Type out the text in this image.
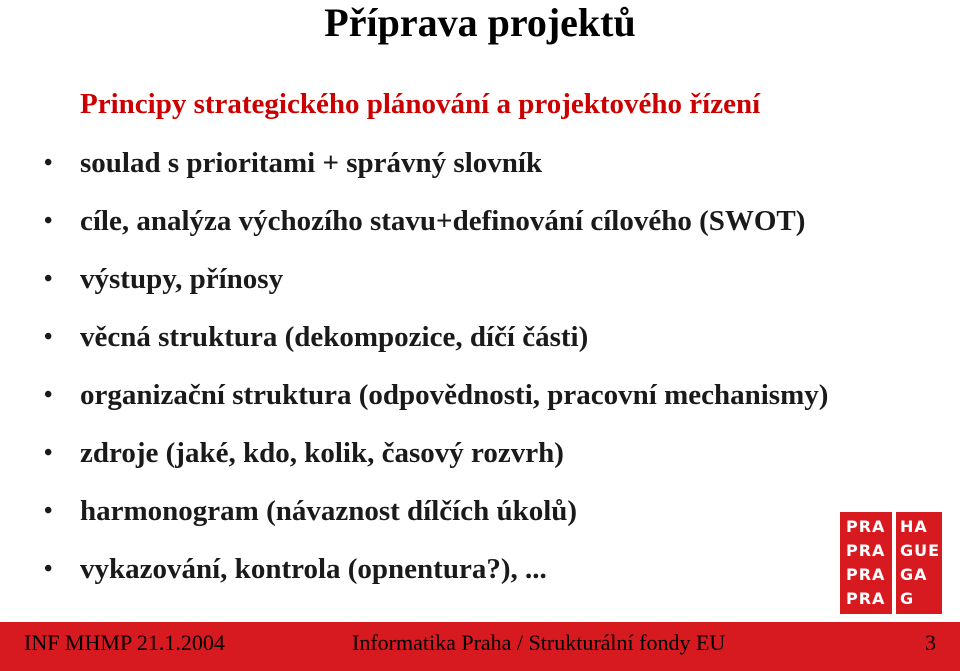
Příprava projektů
Principy strategického plánování a projektového řízení
• soulad s prioritami + správný slovník
• cíle, analýza výchozího stavu+definování cílového (SWOT)
• výstupy, přínosy
• věcná struktura (dekompozice, díčí části)
• organizační struktura (odpovědnosti, pracovní mechanismy)
• zdroje (jaké, kdo, kolik, časový rozvrh)
• harmonogram (návaznost dílčích úkolů)
• vykazování, kontrola (opnentura?), ...
PRA HA
PRA GUE
PRA GA
PRA G
INF MHMP 21.1.2004	Informatika Praha / Strukturální fondy EU	3
